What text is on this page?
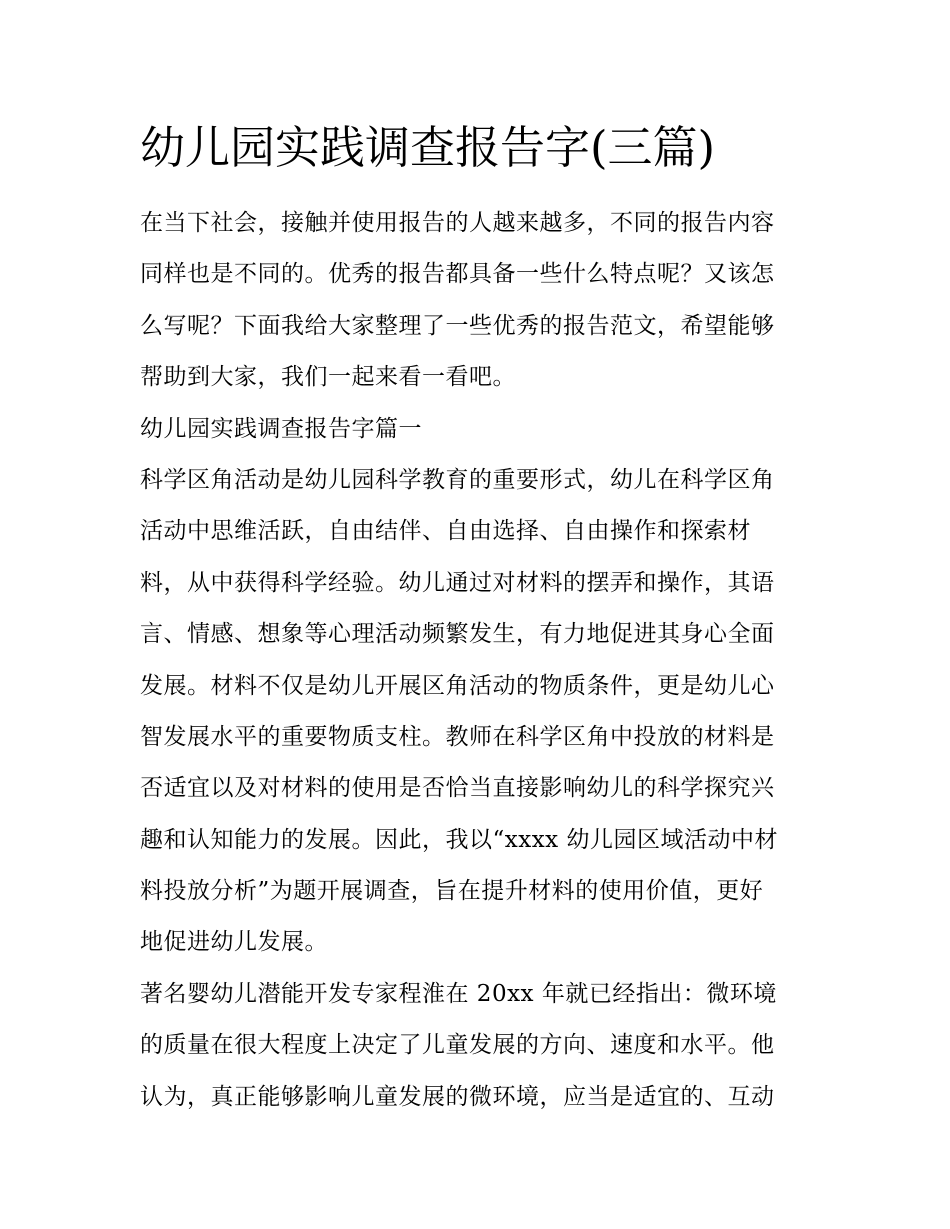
幼儿园实践调查报告字(三篇)
在当下社会，接触并使用报告的人越来越多，不同的报告内容
同样也是不同的。优秀的报告都具备一些什么特点呢？又该怎
么写呢？下面我给大家整理了一些优秀的报告范文，希望能够
帮助到大家，我们一起来看一看吧。
幼儿园实践调查报告字篇一
科学区角活动是幼儿园科学教育的重要形式，幼儿在科学区角
活动中思维活跃，自由结伴、自由选择、自由操作和探索材
料，从中获得科学经验。幼儿通过对材料的摆弄和操作，其语
言、情感、想象等心理活动频繁发生，有力地促进其身心全面
发展。材料不仅是幼儿开展区角活动的物质条件，更是幼儿心
智发展水平的重要物质支柱。教师在科学区角中投放的材料是
否适宜以及对材料的使用是否恰当直接影响幼儿的科学探究兴
趣和认知能力的发展。因此，我以“xxxx 幼儿园区域活动中材
料投放分析”为题开展调查，旨在提升材料的使用价值，更好
地促进幼儿发展。
著名婴幼儿潜能开发专家程淮在 20xx 年就已经指出：微环境
的质量在很大程度上决定了儿童发展的方向、速度和水平。他
认为，真正能够影响儿童发展的微环境，应当是适宜的、互动
